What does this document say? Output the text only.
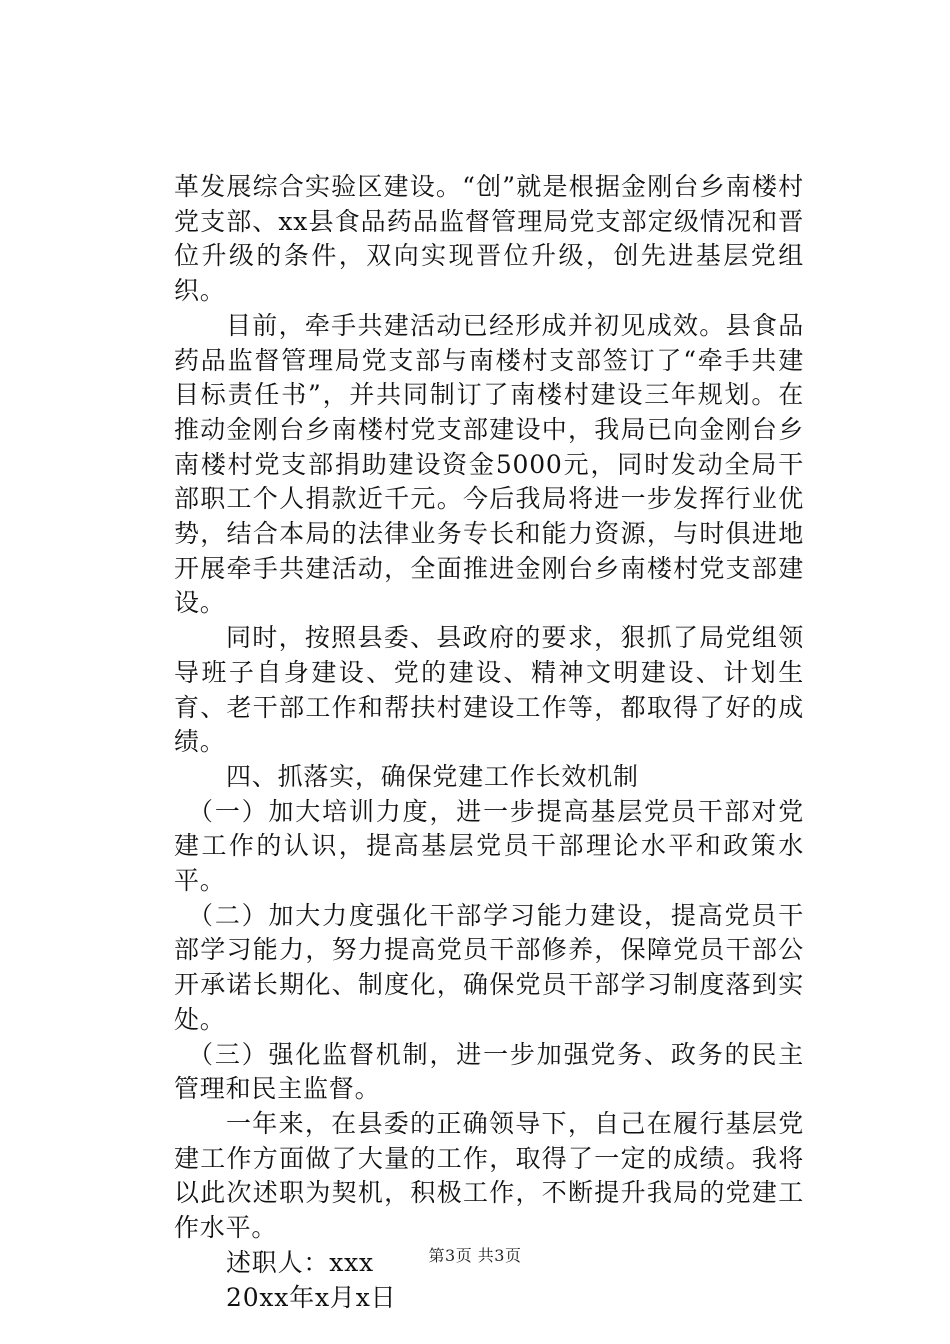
革发展综合实验区建设。“创”就是根据金刚台乡南楼村党支部、xx县食品药品监督管理局党支部定级情况和晋位升级的条件，双向实现晋位升级，创先进基层党组织。

目前，牵手共建活动已经形成并初见成效。县食品药品监督管理局党支部与南楼村支部签订了“牵手共建目标责任书”，并共同制订了南楼村建设三年规划。在推动金刚台乡南楼村党支部建设中，我局已向金刚台乡南楼村党支部捐助建设资金5000元，同时发动全局干部职工个人捐款近千元。今后我局将进一步发挥行业优势，结合本局的法律业务专长和能力资源，与时俱进地开展牵手共建活动，全面推进金刚台乡南楼村党支部建设。

同时，按照县委、县政府的要求，狠抓了局党组领导班子自身建设、党的建设、精神文明建设、计划生育、老干部工作和帮扶村建设工作等，都取得了好的成绩。

四、抓落实，确保党建工作长效机制

（一）加大培训力度，进一步提高基层党员干部对党建工作的认识，提高基层党员干部理论水平和政策水平。

（二）加大力度强化干部学习能力建设，提高党员干部学习能力，努力提高党员干部修养，保障党员干部公开承诺长期化、制度化，确保党员干部学习制度落到实处。

（三）强化监督机制，进一步加强党务、政务的民主管理和民主监督。

一年来，在县委的正确领导下，自己在履行基层党建工作方面做了大量的工作，取得了一定的成绩。我将以此次述职为契机，积极工作，不断提升我局的党建工作水平。

述职人：xxx

20xx年x月x日

第3页 共3页
